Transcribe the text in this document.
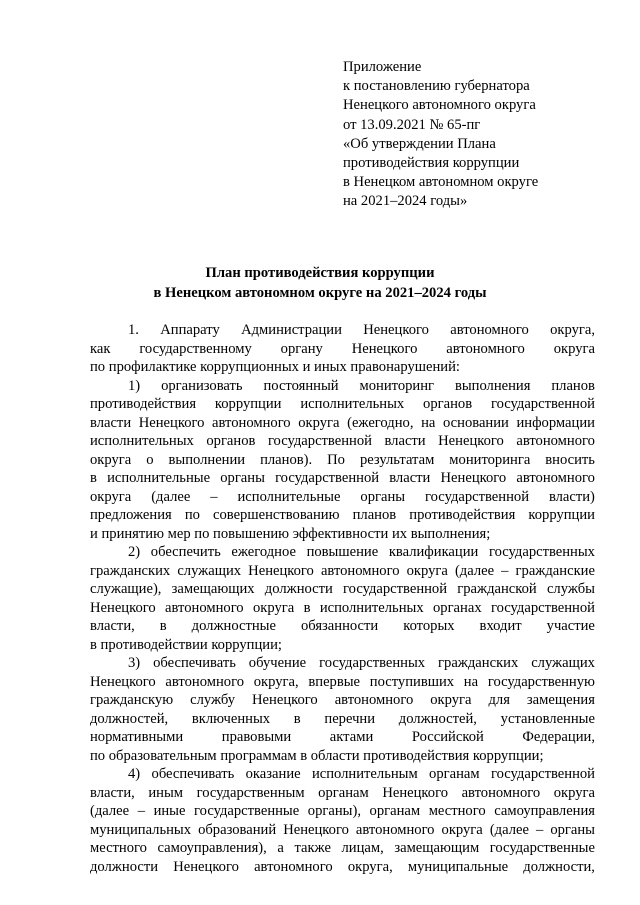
Приложение
к постановлению губернатора
Ненецкого автономного округа
от 13.09.2021 № 65-пг
«Об утверждении Плана
противодействия коррупции
в Ненецком автономном округе
на 2021–2024 годы»
План противодействия коррупции
в Ненецком автономном округе на 2021–2024 годы
1. Аппарату Администрации Ненецкого автономного округа,
как государственному органу Ненецкого автономного округа
по профилактике коррупционных и иных правонарушений:
1) организовать постоянный мониторинг выполнения планов
противодействия коррупции исполнительных органов государственной
власти Ненецкого автономного округа (ежегодно, на основании информации
исполнительных органов государственной власти Ненецкого автономного
округа о выполнении планов). По результатам мониторинга вносить
в исполнительные органы государственной власти Ненецкого автономного
округа (далее – исполнительные органы государственной власти)
предложения по совершенствованию планов противодействия коррупции
и принятию мер по повышению эффективности их выполнения;
2) обеспечить ежегодное повышение квалификации государственных
гражданских служащих Ненецкого автономного округа (далее – гражданские
служащие), замещающих должности государственной гражданской службы
Ненецкого автономного округа в исполнительных органах государственной
власти, в должностные обязанности которых входит участие
в противодействии коррупции;
3) обеспечивать обучение государственных гражданских служащих
Ненецкого автономного округа, впервые поступивших на государственную
гражданскую службу Ненецкого автономного округа для замещения
должностей, включенных в перечни должностей, установленные
нормативными	правовыми	актами	Российской	Федерации,
по образовательным программам в области противодействия коррупции;
4) обеспечивать оказание исполнительным органам государственной
власти, иным государственным органам Ненецкого автономного округа
(далее – иные государственные органы), органам местного самоуправления
муниципальных образований Ненецкого автономного округа (далее – органы
местного самоуправления), а также лицам, замещающим государственные
должности Ненецкого автономного округа, муниципальные должности,
